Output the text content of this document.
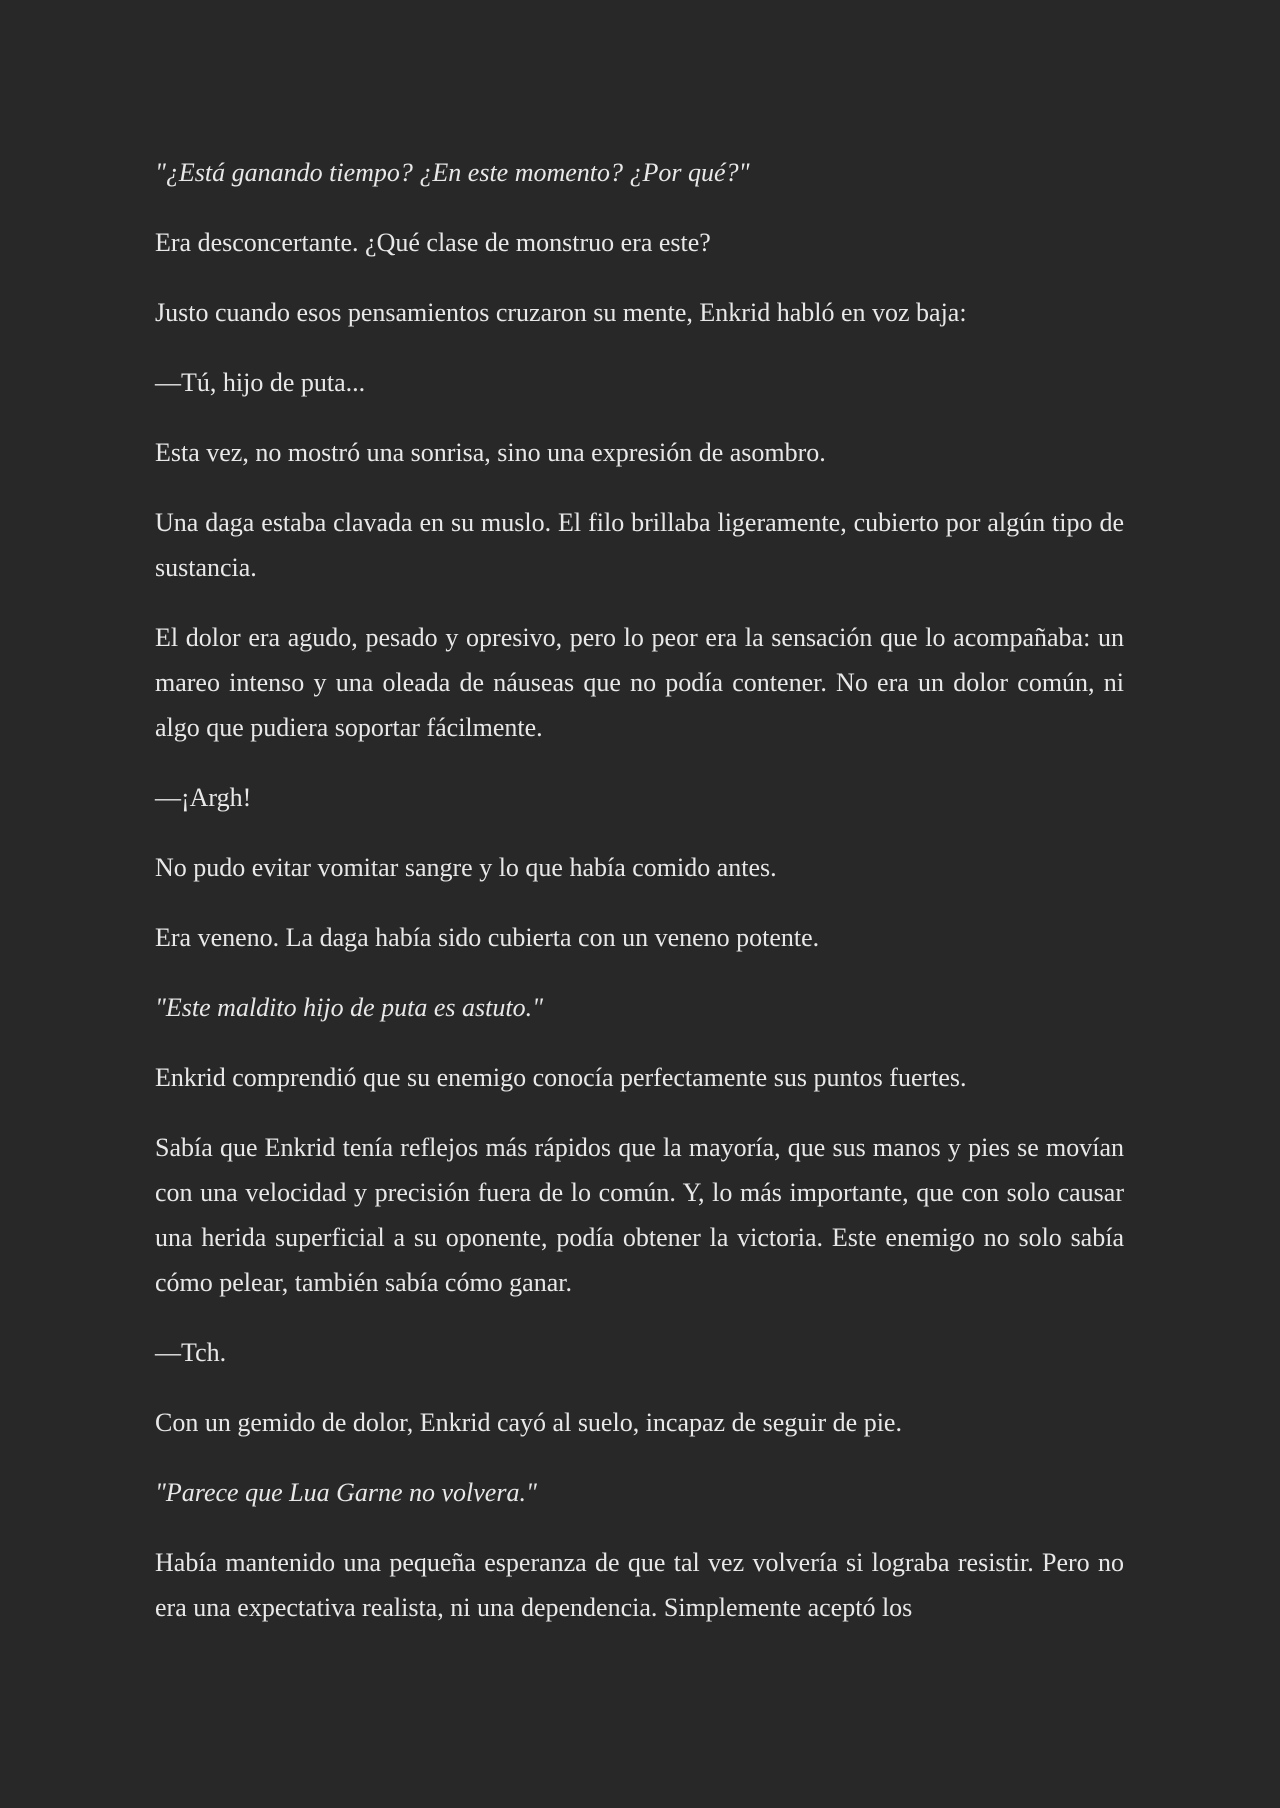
"¿Está ganando tiempo? ¿En este momento? ¿Por qué?"

Era desconcertante. ¿Qué clase de monstruo era este?

Justo cuando esos pensamientos cruzaron su mente, Enkrid habló en voz baja:

—Tú, hijo de puta...

Esta vez, no mostró una sonrisa, sino una expresión de asombro.

Una daga estaba clavada en su muslo. El filo brillaba ligeramente, cubierto por algún tipo de sustancia.

El dolor era agudo, pesado y opresivo, pero lo peor era la sensación que lo acompañaba: un mareo intenso y una oleada de náuseas que no podía contener. No era un dolor común, ni algo que pudiera soportar fácilmente.

—¡Argh!

No pudo evitar vomitar sangre y lo que había comido antes.

Era veneno. La daga había sido cubierta con un veneno potente.

"Este maldito hijo de puta es astuto."

Enkrid comprendió que su enemigo conocía perfectamente sus puntos fuertes.

Sabía que Enkrid tenía reflejos más rápidos que la mayoría, que sus manos y pies se movían con una velocidad y precisión fuera de lo común. Y, lo más importante, que con solo causar una herida superficial a su oponente, podía obtener la victoria. Este enemigo no solo sabía cómo pelear, también sabía cómo ganar.

—Tch.

Con un gemido de dolor, Enkrid cayó al suelo, incapaz de seguir de pie.

"Parece que Lua Garne no volvera."

Había mantenido una pequeña esperanza de que tal vez volvería si lograba resistir. Pero no era una expectativa realista, ni una dependencia. Simplemente aceptó los
